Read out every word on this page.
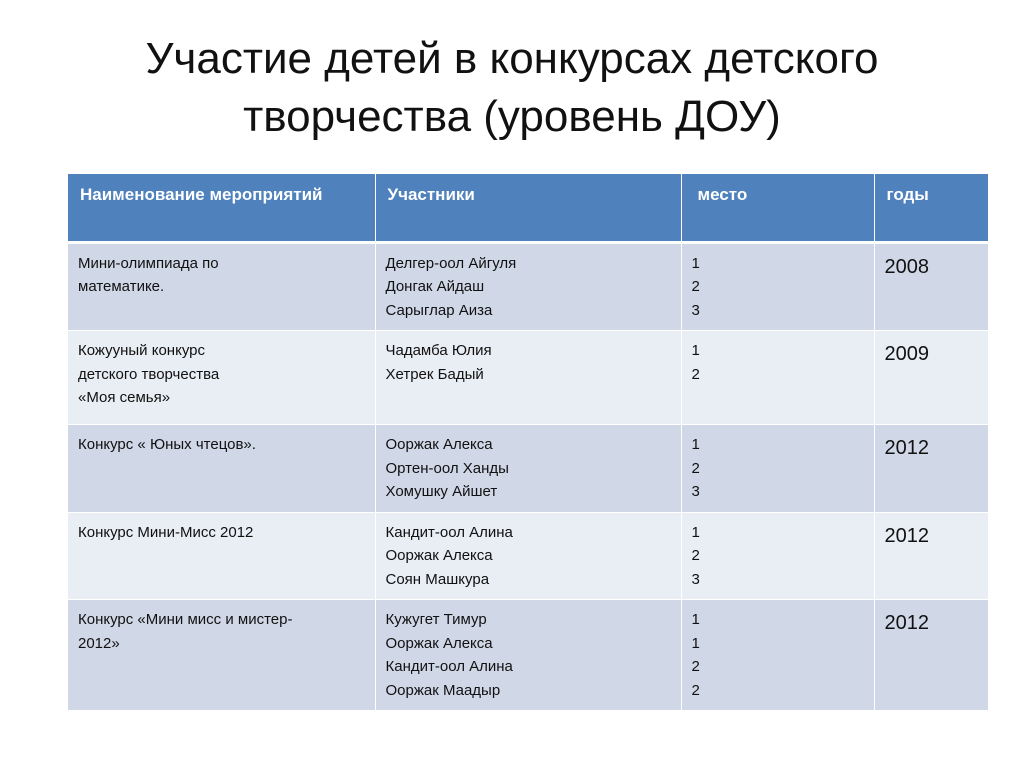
Участие детей в конкурсах детского
творчества (уровень ДОУ)
Наименование мероприятий	Участники	место	годы

Мини-олимпиада по
математике.	Делгер-оол Айгуля
Донгак Айдаш
Сарыглар Аиза	1
2
3	2008

Кожууный конкурс
детского творчества
«Моя семья»	Чадамба Юлия
Хетрек Бадый	1
2	2009

Конкурс « Юных чтецов».	Ооржак Алекса
Ортен-оол Ханды
Хомушку Айшет	1
2
3	2012

Конкурс Мини-Мисс 2012	Кандит-оол Алина
Ооржак Алекса
Соян Машкура	1
2
3	2012

Конкурс «Мини мисс и мистер-
2012»	Кужугет Тимур
Ооржак Алекса
Кандит-оол Алина
Ооржак Маадыр	1
1
2
2	2012
